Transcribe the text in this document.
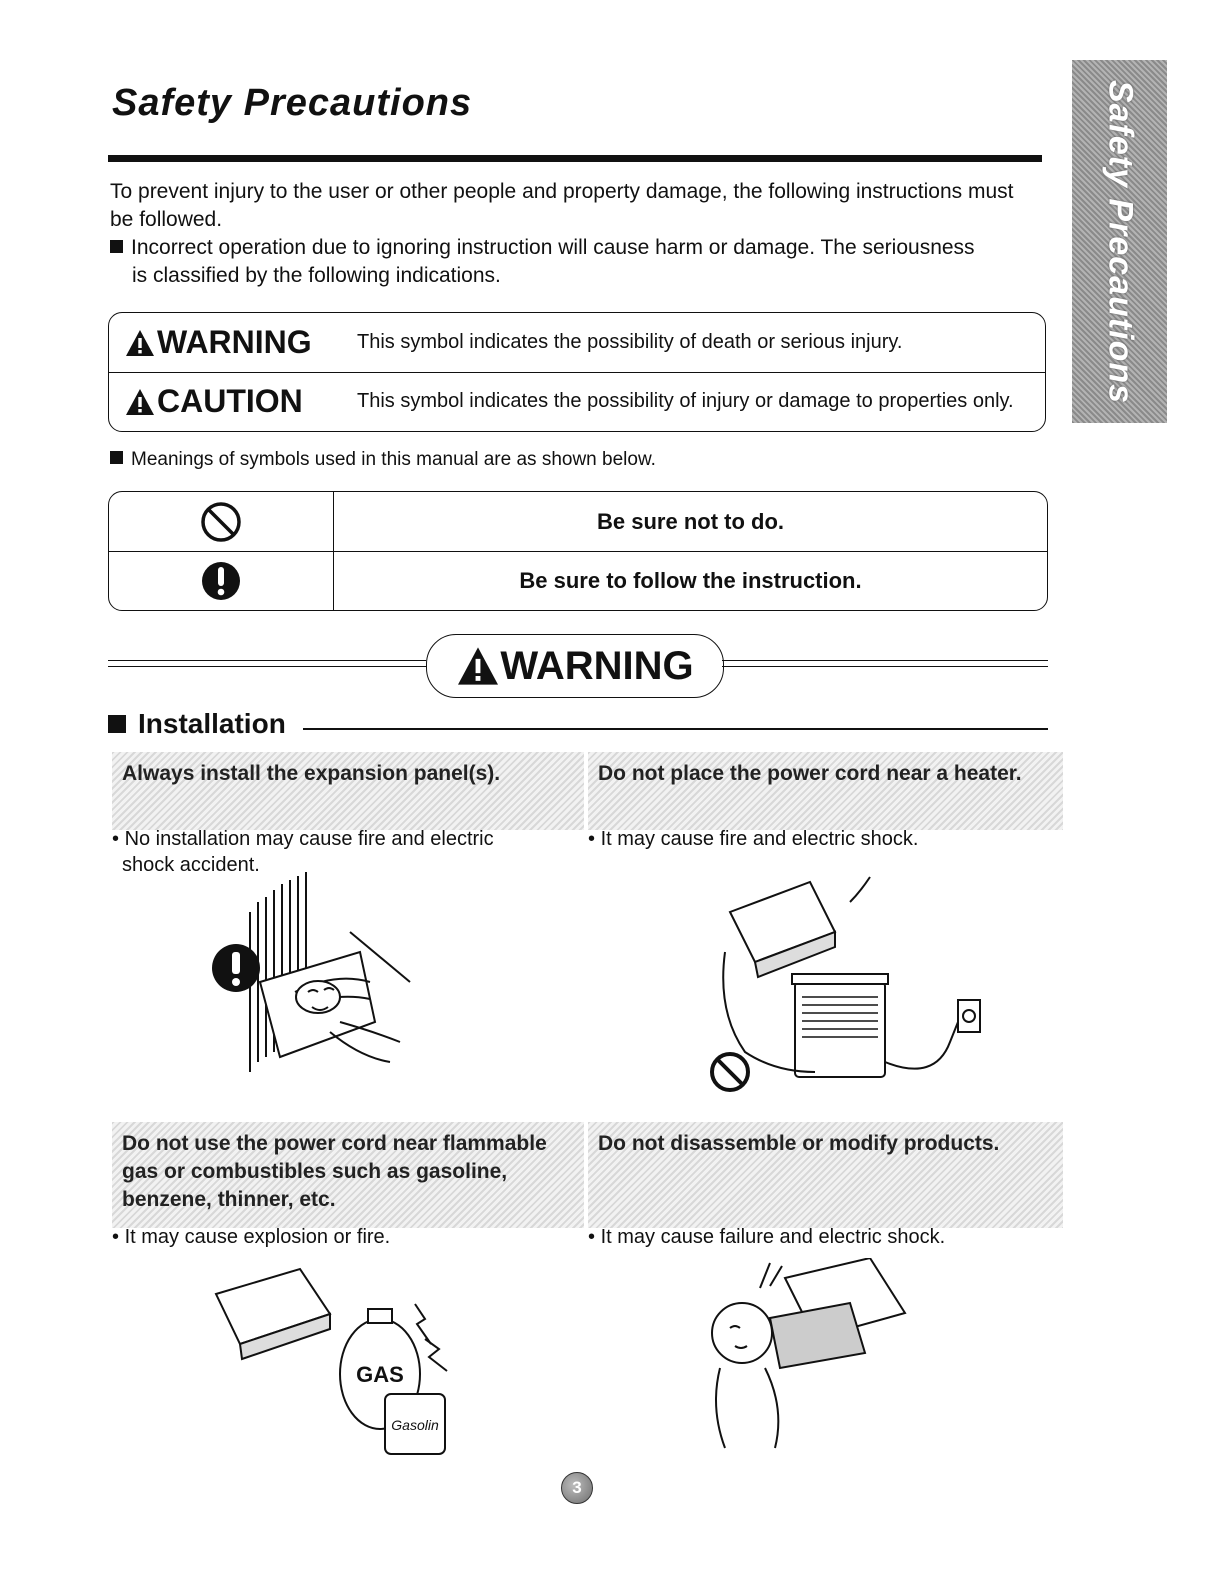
Safety Precautions	Safety Precautions

To prevent injury to the user or other people and property damage, the following instructions must be followed.

Incorrect operation due to ignoring instruction will cause harm or damage. The seriousness

is classified by the following indications.

WARNING This symbol indicates the possibility of death or serious injury.
CAUTION	This symbol indicates the possibility of injury or damage to properties only.
Meanings of symbols used in this manual are as shown below.
Be sure not to do.
Be sure to follow the instruction.
WARNING
Installation
Always install the expansion panel(s).	Do not place the power cord near a heater.
Do not use the power cord near flammable gas or combustibles such as gasoline, benzene, thinner, etc.
Do not disassemble or modify products.
• No installation may cause fire and electric
shock accident.
• It may cause fire and electric shock.
• It may cause explosion or fire.	• It may cause failure and electric shock.
GAS
Gasolin
3
